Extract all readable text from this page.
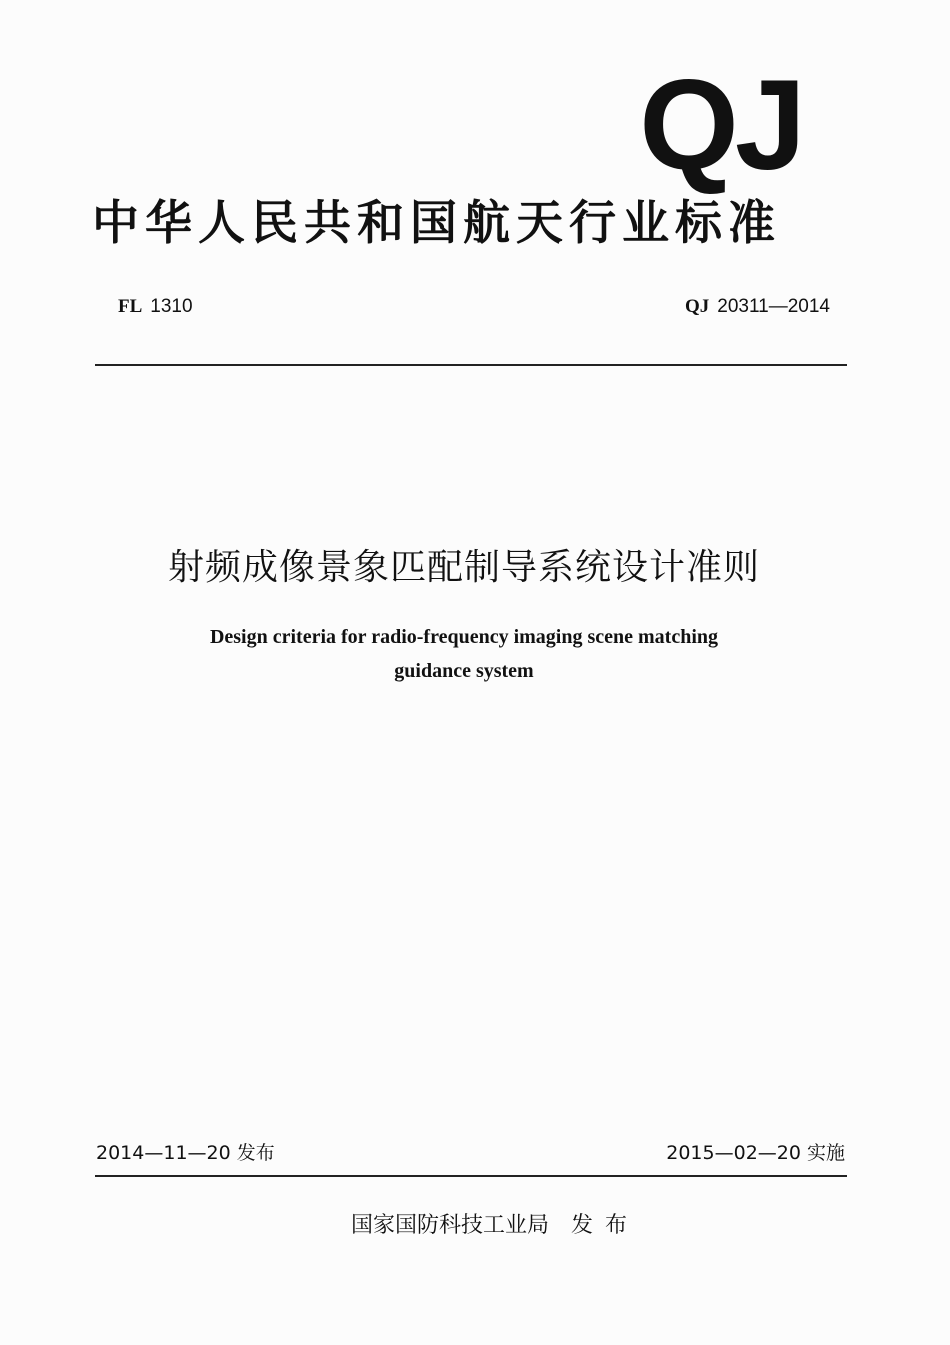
QJ
中华人民共和国航天行业标准
FL 1310	QJ 20311—2014
射频成像景象匹配制导系统设计准则
Design criteria for radio-frequency imaging scene matching
guidance system
2014—11—20 发布	2015—02—20 实施
国家国防科技工业局 发布
